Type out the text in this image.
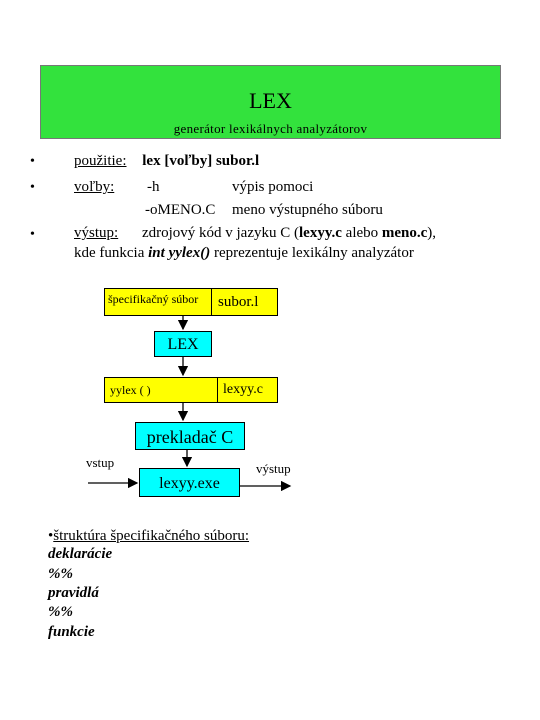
LEX
generátor lexikálnych analyzátorov
•	použitie: lex [voľby] subor.l
•	voľby: -h	výpis pomoci
-oMENO.C meno výstupného súboru
•	výstup: zdrojový kód v jazyku C (lexyy.c alebo meno.c),
kde funkcia int yylex() reprezentuje lexikálny analyzátor
špecifikačný súbor subor.l
LEX
yylex ( )	lexyy.c
prekladač C
vstup	výstup
lexyy.exe
•štruktúra špecifikačného súboru:
deklarácie
%%
pravidlá
%%
funkcie
